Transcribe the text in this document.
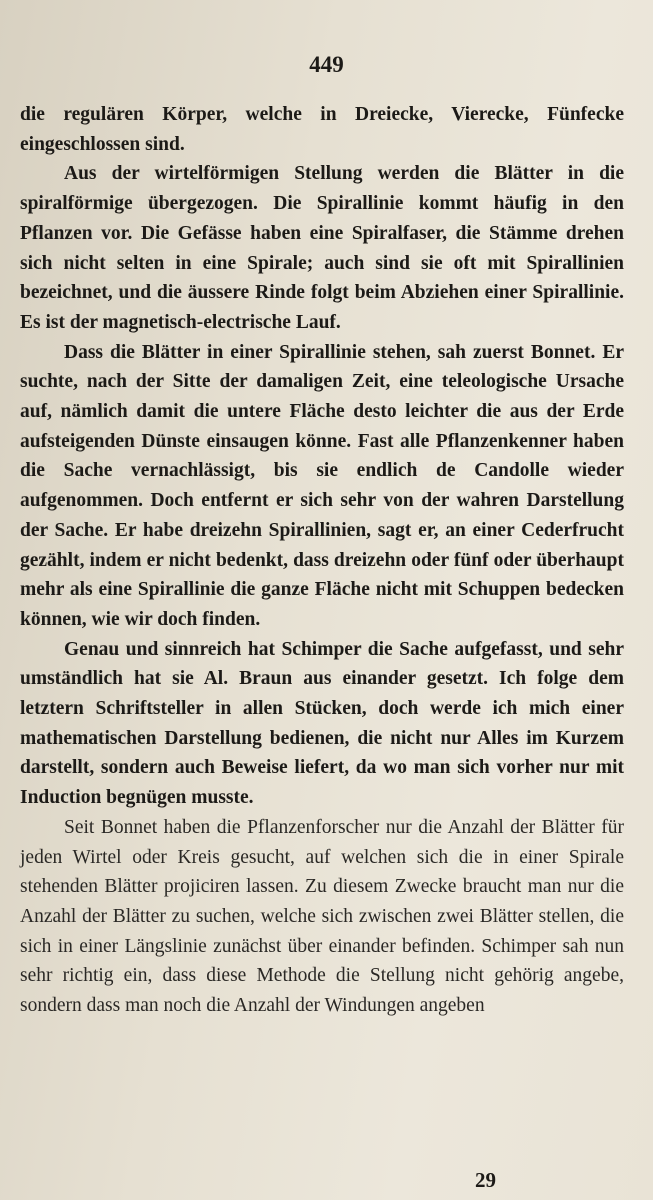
449

die regulären Körper, welche in Dreiecke, Vierecke, Fünfecke eingeschlossen sind.

Aus der wirtelförmigen Stellung werden die Blätter in die spiralförmige übergezogen. Die Spirallinie kommt häufig in den Pflanzen vor. Die Gefässe haben eine Spiralfaser, die Stämme drehen sich nicht selten in eine Spirale; auch sind sie oft mit Spirallinien bezeichnet, und die äussere Rinde folgt beim Abziehen einer Spirallinie. Es ist der magnetisch-electrische Lauf.

Dass die Blätter in einer Spirallinie stehen, sah zuerst Bonnet. Er suchte, nach der Sitte der damaligen Zeit, eine teleologische Ursache auf, nämlich damit die untere Fläche desto leichter die aus der Erde aufsteigenden Dünste einsaugen könne. Fast alle Pflanzenkenner haben die Sache vernachlässigt, bis sie endlich de Candolle wieder aufgenommen. Doch entfernt er sich sehr von der wahren Darstellung der Sache. Er habe dreizehn Spirallinien, sagt er, an einer Cederfrucht gezählt, indem er nicht bedenkt, dass dreizehn oder fünf oder überhaupt mehr als eine Spirallinie die ganze Fläche nicht mit Schuppen bedecken können, wie wir doch finden.

Genau und sinnreich hat Schimper die Sache aufgefasst, und sehr umständlich hat sie Al. Braun aus einander gesetzt. Ich folge dem letztern Schriftsteller in allen Stücken, doch werde ich mich einer mathematischen Darstellung bedienen, die nicht nur Alles im Kurzem darstellt, sondern auch Beweise liefert, da wo man sich vorher nur mit Induction begnügen musste.

Seit Bonnet haben die Pflanzenforscher nur die Anzahl der Blätter für jeden Wirtel oder Kreis gesucht, auf welchen sich die in einer Spirale stehenden Blätter projiciren lassen. Zu diesem Zwecke braucht man nur die Anzahl der Blätter zu suchen, welche sich zwischen zwei Blätter stellen, die sich in einer Längslinie zunächst über einander befinden. Schimper sah nun sehr richtig ein, dass diese Methode die Stellung nicht gehörig angebe, sondern dass man noch die Anzahl der Windungen angeben

29
